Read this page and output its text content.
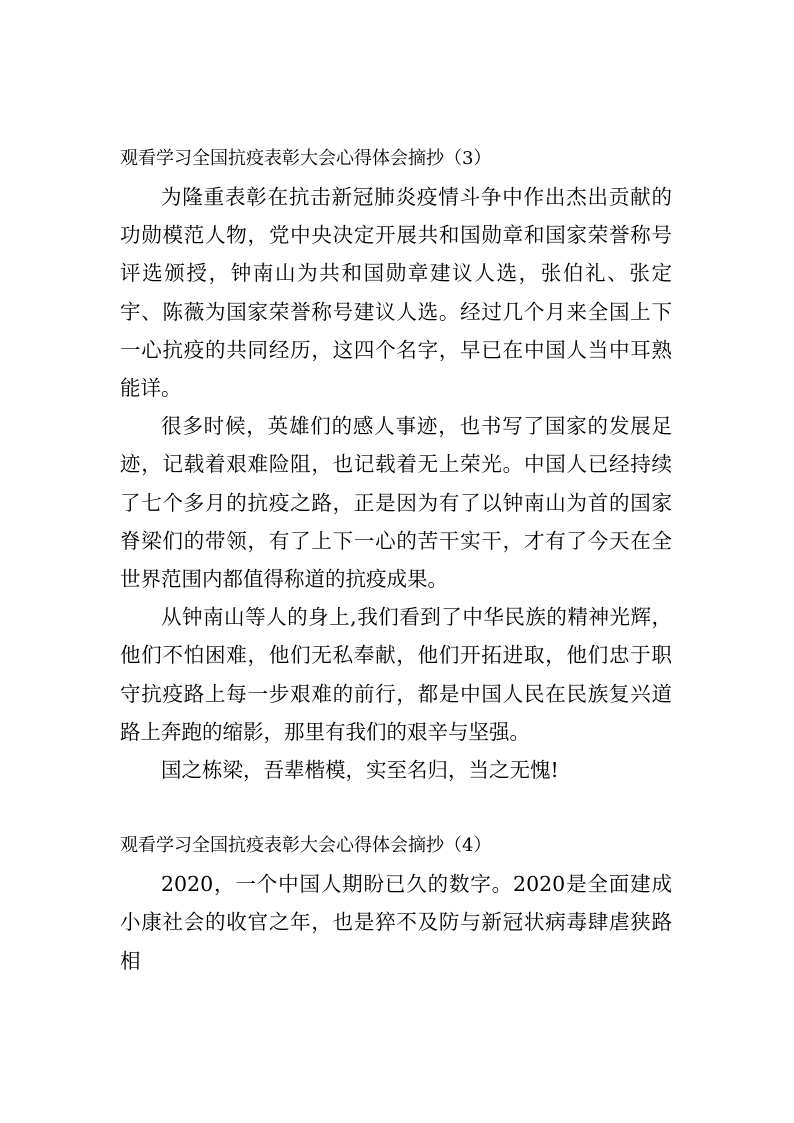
观看学习全国抗疫表彰大会心得体会摘抄（3）

为隆重表彰在抗击新冠肺炎疫情斗争中作出杰出贡献的功勋模范人物，党中央决定开展共和国勋章和国家荣誉称号评选颁授，钟南山为共和国勋章建议人选，张伯礼、张定宇、陈薇为国家荣誉称号建议人选。经过几个月来全国上下一心抗疫的共同经历，这四个名字，早已在中国人当中耳熟能详。

很多时候，英雄们的感人事迹，也书写了国家的发展足迹，记载着艰难险阻，也记载着无上荣光。中国人已经持续了七个多月的抗疫之路，正是因为有了以钟南山为首的国家脊梁们的带领，有了上下一心的苦干实干，才有了今天在全世界范围内都值得称道的抗疫成果。

从钟南山等人的身上,我们看到了中华民族的精神光辉，他们不怕困难，他们无私奉献，他们开拓进取，他们忠于职守抗疫路上每一步艰难的前行，都是中国人民在民族复兴道路上奔跑的缩影，那里有我们的艰辛与坚强。

国之栋梁，吾辈楷模，实至名归，当之无愧!

观看学习全国抗疫表彰大会心得体会摘抄（4）

2020，一个中国人期盼已久的数字。2020是全面建成小康社会的收官之年，也是猝不及防与新冠状病毒肆虐狭路相
